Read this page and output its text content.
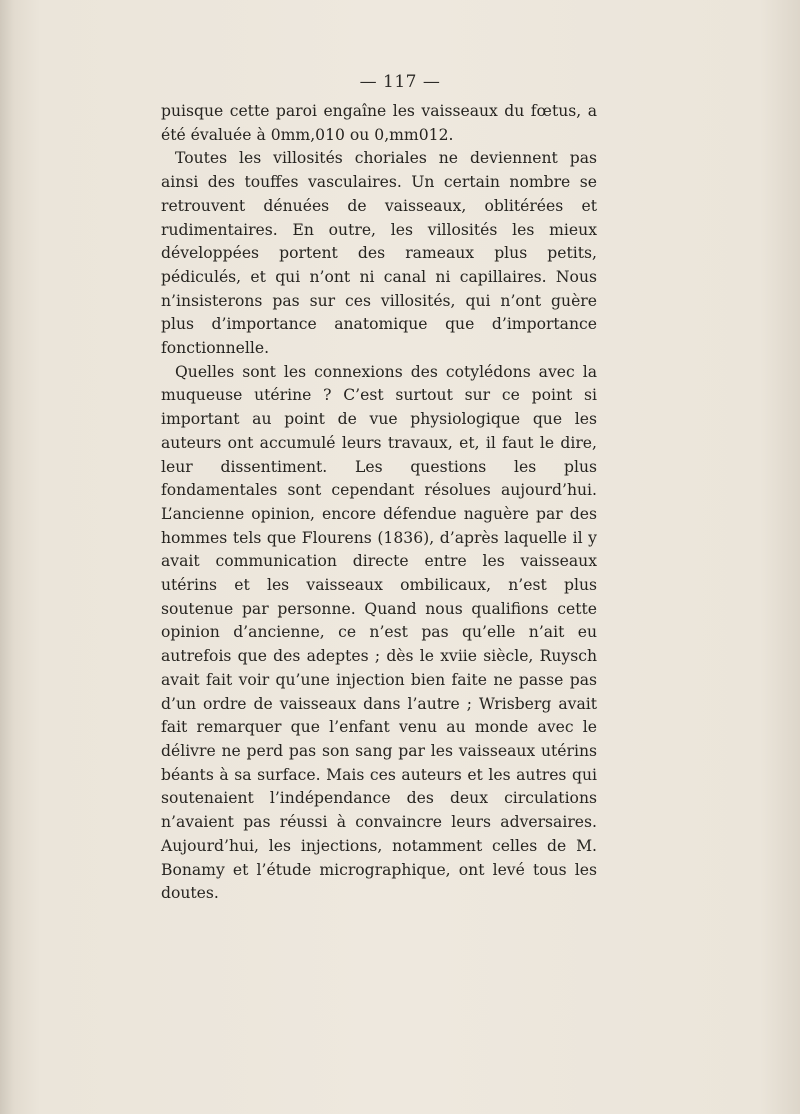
— 117 —

puisque cette paroi engaîne les vaisseaux du fœtus, a été évaluée à 0mm,010 ou 0,mm012.

Toutes les villosités choriales ne deviennent pas ainsi des touffes vasculaires. Un certain nombre se retrouvent dénuées de vaisseaux, oblitérées et rudimentaires. En outre, les villosités les mieux développées portent des rameaux plus petits, pédiculés, et qui n’ont ni canal ni capillaires. Nous n’insisterons pas sur ces villosités, qui n’ont guère plus d’importance anatomique que d’importance fonctionnelle.

Quelles sont les connexions des cotylédons avec la muqueuse utérine ? C’est surtout sur ce point si important au point de vue physiologique que les auteurs ont accumulé leurs travaux, et, il faut le dire, leur dissentiment. Les questions les plus fondamentales sont cependant résolues aujourd’hui. L’ancienne opinion, encore défendue naguère par des hommes tels que Flourens (1836), d’après laquelle il y avait communication directe entre les vaisseaux utérins et les vaisseaux ombilicaux, n’est plus soutenue par personne. Quand nous qualifions cette opinion d’ancienne, ce n’est pas qu’elle n’ait eu autrefois que des adeptes ; dès le xviie siècle, Ruysch avait fait voir qu’une injection bien faite ne passe pas d’un ordre de vaisseaux dans l’autre ; Wrisberg avait fait remarquer que l’enfant venu au monde avec le délivre ne perd pas son sang par les vaisseaux utérins béants à sa surface. Mais ces auteurs et les autres qui soutenaient l’indépendance des deux circulations n’avaient pas réussi à convaincre leurs adversaires. Aujourd’hui, les injections, notamment celles de M. Bonamy et l’étude micrographique, ont levé tous les doutes.
